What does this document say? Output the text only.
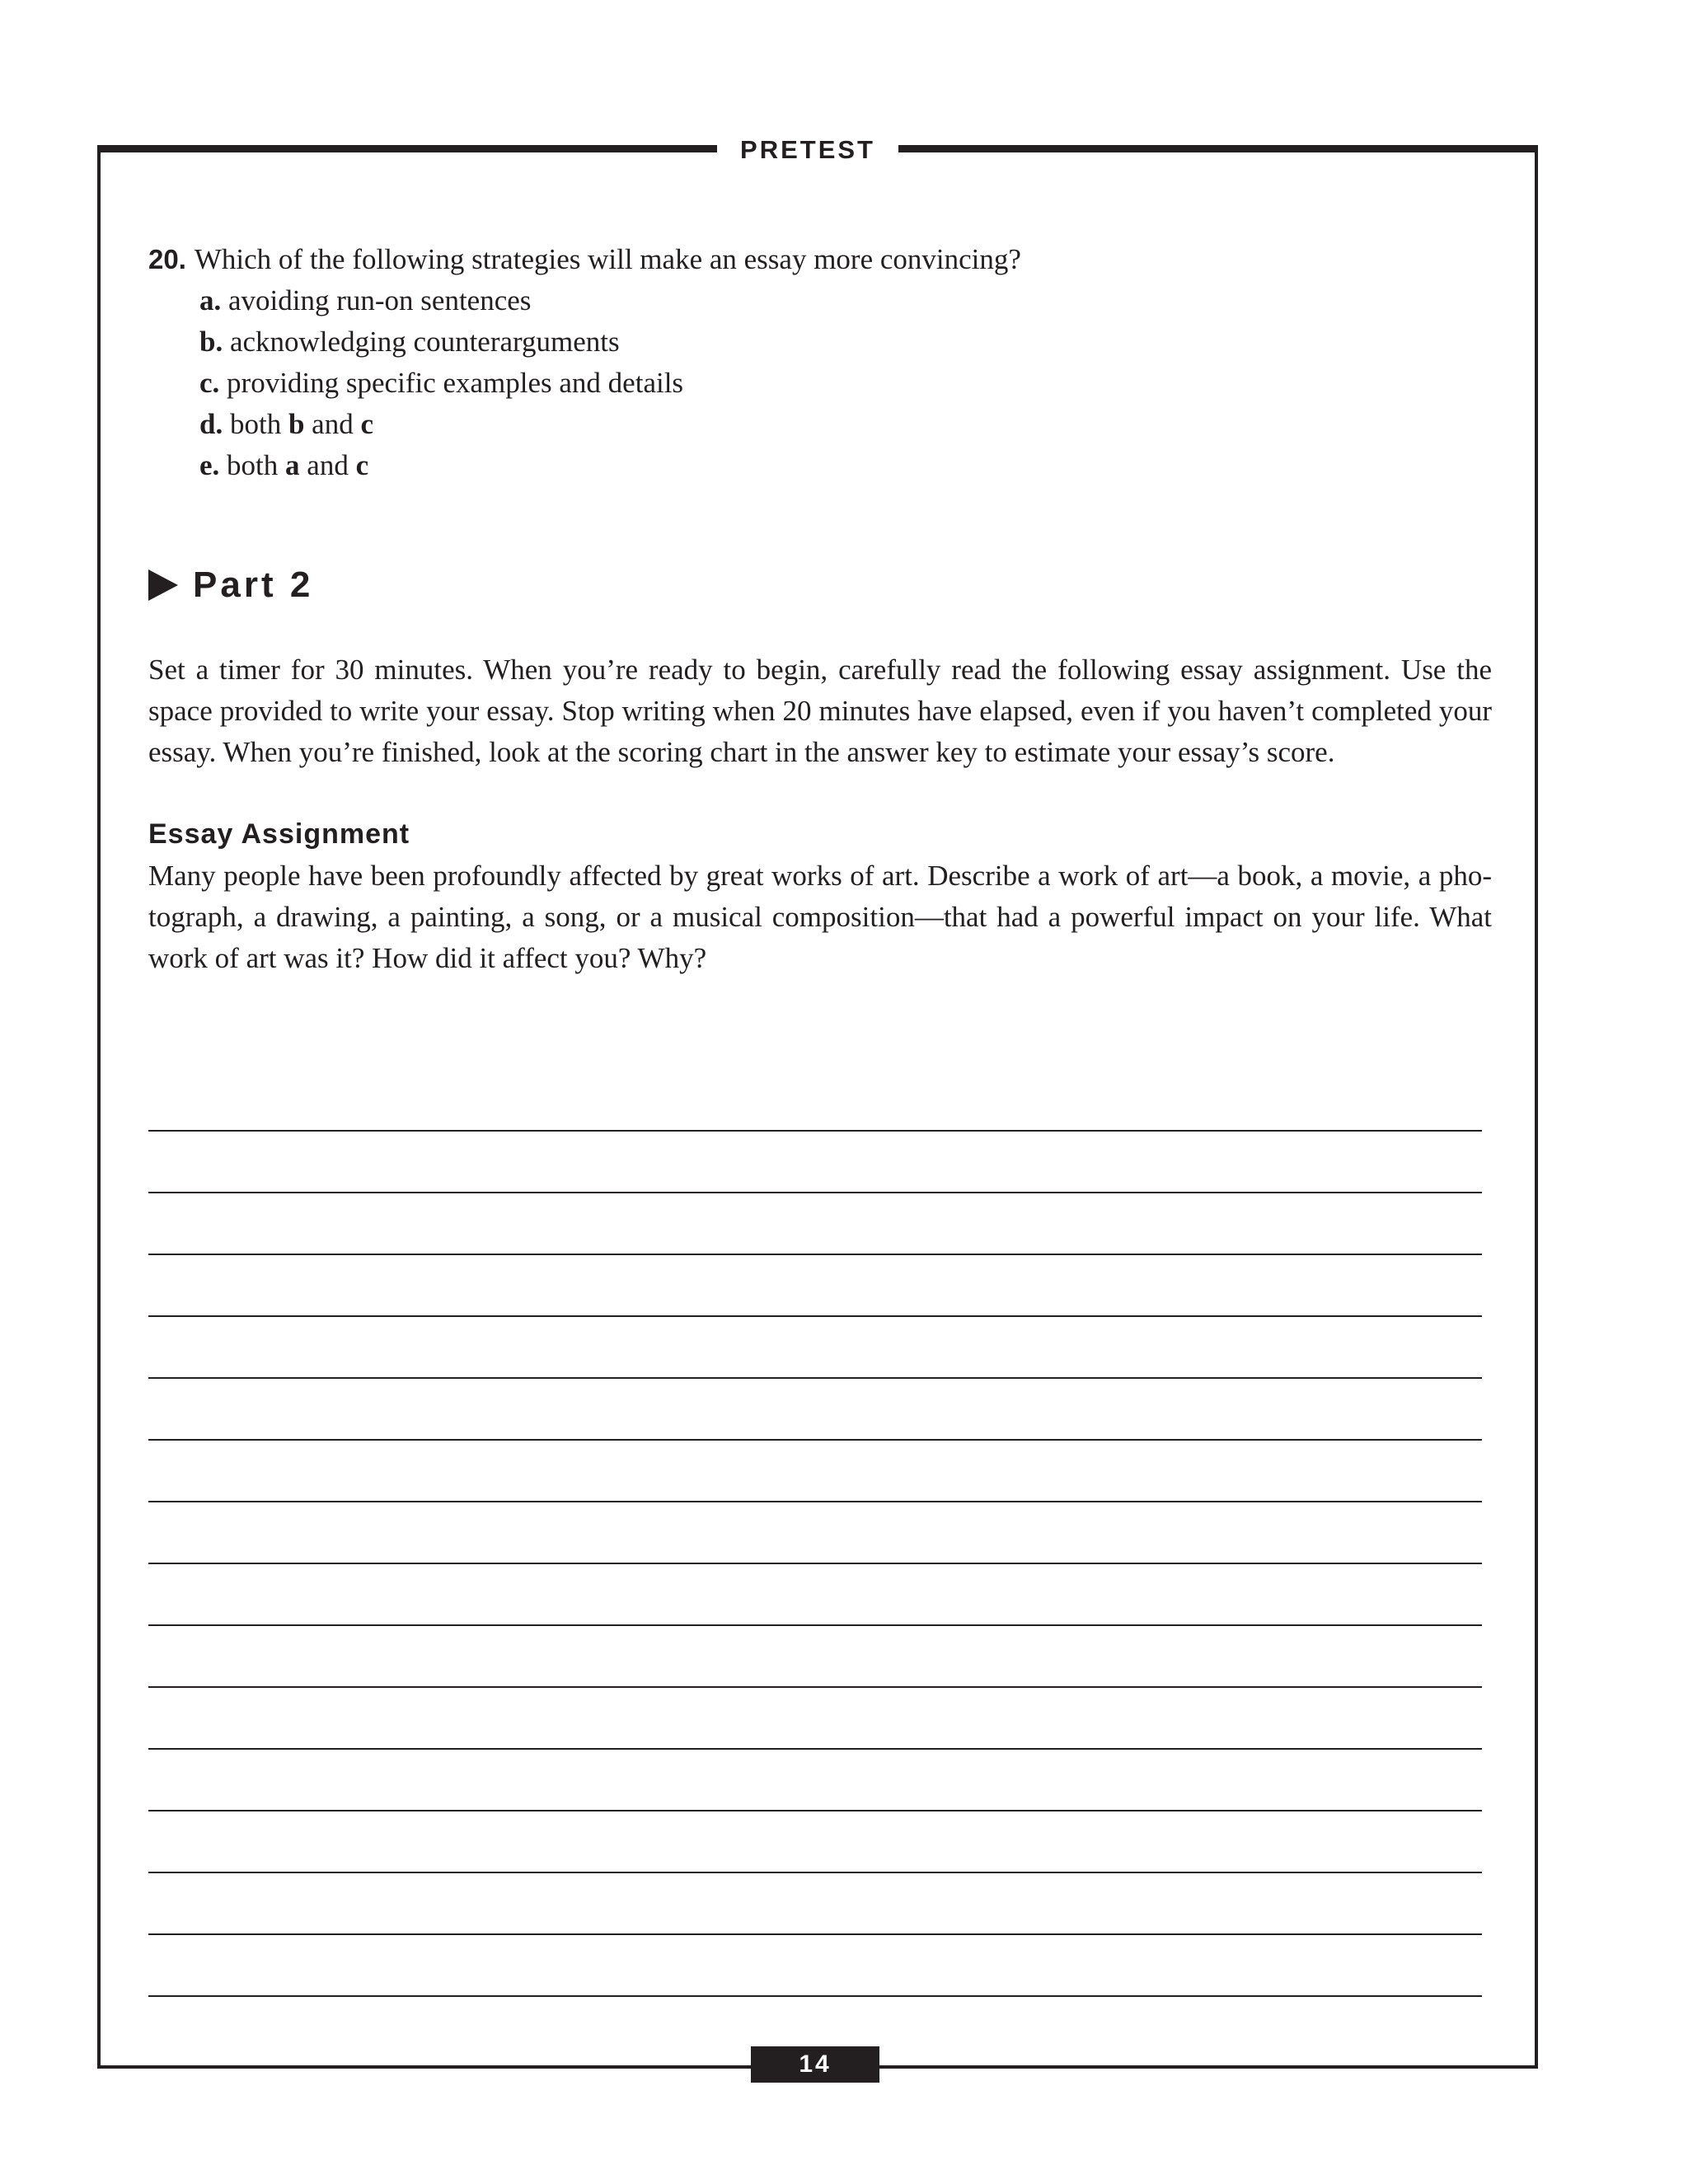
PRETEST
20. Which of the following strategies will make an essay more convincing?
a. avoiding run-on sentences
b. acknowledging counterarguments
c. providing specific examples and details
d. both b and c
e. both a and c
Part 2

Set a timer for 30 minutes. When you’re ready to begin, carefully read the following essay assignment. Use the space provided to write your essay. Stop writing when 20 minutes have elapsed, even if you haven’t completed your essay. When you’re finished, look at the scoring chart in the answer key to estimate your essay’s score.

Essay Assignment

Many people have been profoundly affected by great works of art. Describe a work of art—a book, a movie, a pho-tograph, a drawing, a painting, a song, or a musical composition—that had a powerful impact on your life. What work of art was it? How did it affect you? Why?

14
